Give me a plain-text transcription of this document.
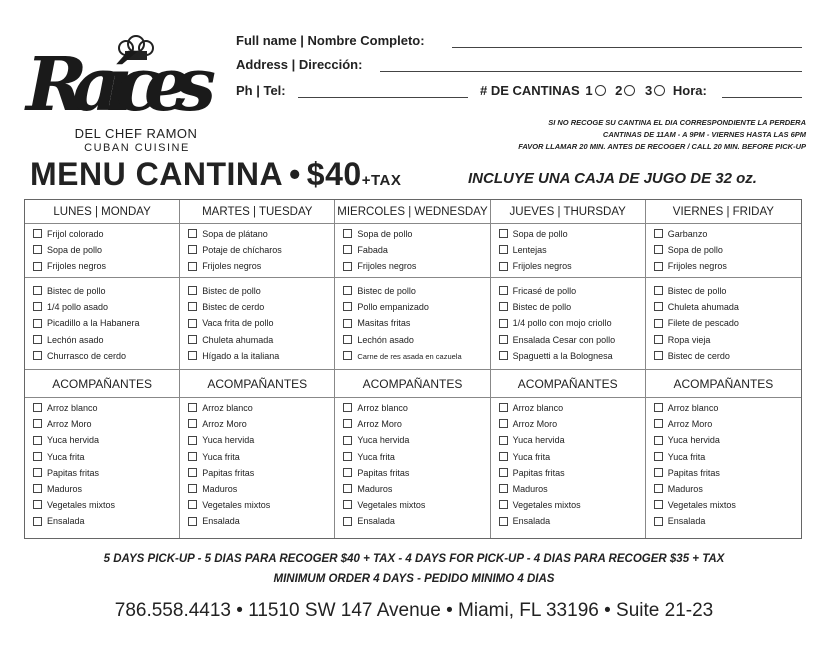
Raíces
DEL CHEF RAMON
CUBAN CUISINE
Full name | Nombre Completo:
Address | Dirección:
Ph | Tel:	# DE CANTINAS 1
2
3 Hora:
SI NO RECOGE SU CANTINA EL DIA CORRESPONDIENTE LA PERDERA
CANTINAS DE 11AM - A 9PM - VIERNES HASTA LAS 6PM
FAVOR LLAMAR 20 MIN. ANTES DE RECOGER / CALL 20 MIN. BEFORE PICK-UP
MENU CANTINA • $40+TAX	INCLUYE UNA CAJA DE JUGO DE 32 oz.
LUNES | MONDAY
Frijol colorado
Sopa de pollo
Frijoles negros
Bistec de pollo
1/4 pollo asado
Picadillo a la Habanera
Lechón asado
Churrasco de cerdo
ACOMPAÑANTES
Arroz blanco
Arroz Moro
Yuca hervida
Yuca frita
Papitas fritas
Maduros
Vegetales mixtos
Ensalada
MARTES | TUESDAY
Sopa de plátano
Potaje de chícharos
Frijoles negros
Bistec de pollo
Bistec de cerdo
Vaca frita de pollo
Chuleta ahumada
Hígado a la italiana
ACOMPAÑANTES
Arroz blanco
Arroz Moro
Yuca hervida
Yuca frita
Papitas fritas
Maduros
Vegetales mixtos
Ensalada
MIERCOLES | WEDNESDAY
Sopa de pollo
Fabada
Frijoles negros
Bistec de pollo
Pollo empanizado
Masitas fritas
Lechón asado
Carne de res asada en cazuela
ACOMPAÑANTES
Arroz blanco
Arroz Moro
Yuca hervida
Yuca frita
Papitas fritas
Maduros
Vegetales mixtos
Ensalada
JUEVES | THURSDAY
Sopa de pollo
Lentejas
Frijoles negros
Fricasé de pollo
Bistec de pollo
1/4 pollo con mojo criollo
Ensalada Cesar con pollo
Spaguetti a la Bolognesa
ACOMPAÑANTES
Arroz blanco
Arroz Moro
Yuca hervida
Yuca frita
Papitas fritas
Maduros
Vegetales mixtos
Ensalada
VIERNES | FRIDAY
Garbanzo
Sopa de pollo
Frijoles negros
Bistec de pollo
Chuleta ahumada
Filete de pescado
Ropa vieja
Bistec de cerdo
ACOMPAÑANTES
Arroz blanco
Arroz Moro
Yuca hervida
Yuca frita
Papitas fritas
Maduros
Vegetales mixtos
Ensalada
5 DAYS PICK-UP - 5 DIAS PARA RECOGER $40 + TAX - 4 DAYS FOR PICK-UP - 4 DIAS PARA RECOGER $35 + TAX
MINIMUM ORDER 4 DAYS - PEDIDO MINIMO 4 DIAS
786.558.4413 • 11510 SW 147 Avenue • Miami, FL 33196 • Suite 21-23
